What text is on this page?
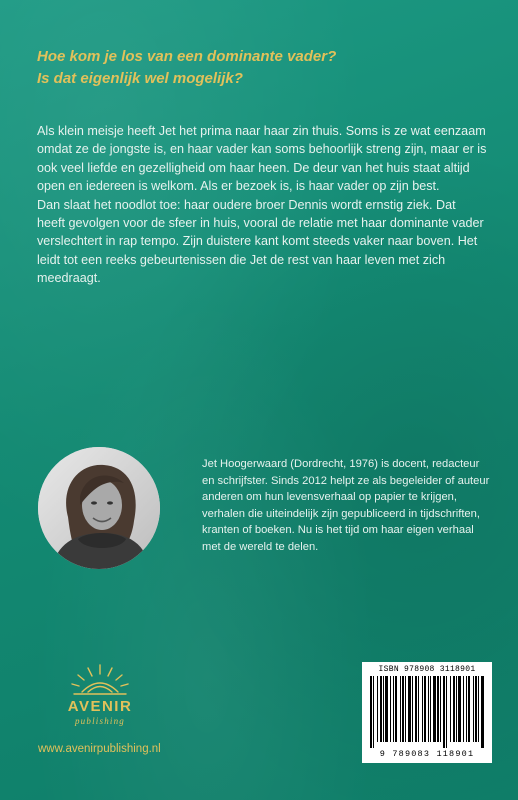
Hoe kom je los van een dominante vader?
Is dat eigenlijk wel mogelijk?

Als klein meisje heeft Jet het prima naar haar zin thuis. Soms is ze wat eenzaam omdat ze de jongste is, en haar vader kan soms behoorlijk streng zijn, maar er is ook veel liefde en gezelligheid om haar heen. De deur van het huis staat altijd open en iedereen is welkom. Als er bezoek is, is haar vader op zijn best.

Dan slaat het noodlot toe: haar oudere broer Dennis wordt ernstig ziek. Dat heeft gevolgen voor de sfeer in huis, vooral de relatie met haar dominante vader verslechtert in rap tempo. Zijn duistere kant komt steeds vaker naar boven. Het leidt tot een reeks gebeurtenissen die Jet de rest van haar leven met zich meedraagt.

Jet Hoogerwaard (Dordrecht, 1976) is docent, redacteur en schrijfster. Sinds 2012 helpt ze als begeleider of auteur anderen om hun levensverhaal op papier te krijgen, verhalen die uiteindelijk zijn gepubliceerd in tijdschriften, kranten of boeken. Nu is het tijd om haar eigen verhaal met de wereld te delen.
AVENIR
publishing
www.avenirpublishing.nl
ISBN 978908 3118901
9 789083 118901
